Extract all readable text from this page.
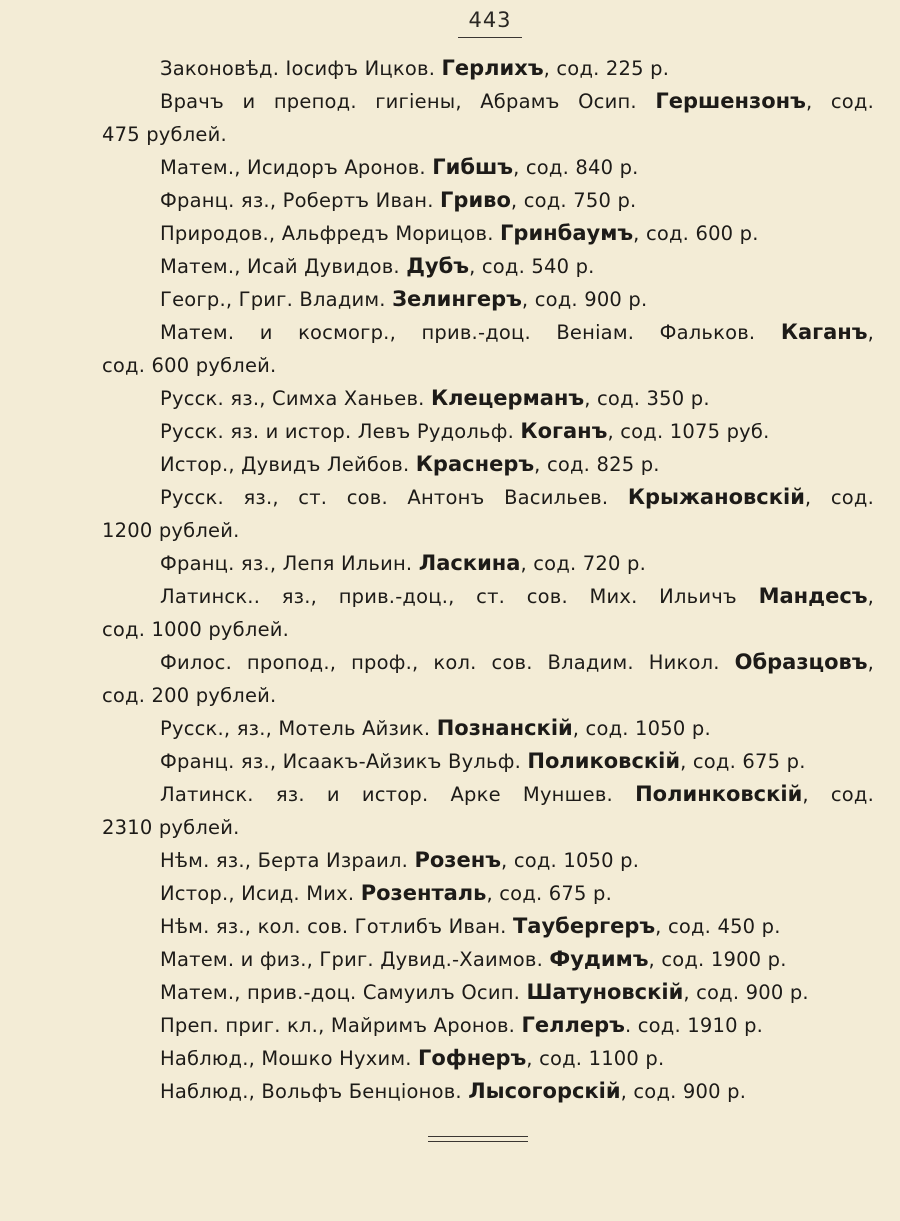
443

Законовѣд. Іосифъ Ицков. Герлихъ, сод. 225 р.

Врачъ и препод. гигіены, Абрамъ Осип. Гершензонъ, сод.
475 рублей.

Матем., Исидоръ Аронов. Гибшъ, сод. 840 р.

Франц. яз., Робертъ Иван. Гриво, сод. 750 р.

Природов., Альфредъ Морицов. Гринбаумъ, сод. 600 р.

Матем., Исай Дувидов. Дубъ, сод. 540 р.

Геогр., Григ. Владим. Зелингеръ, сод. 900 р.

Матем. и космогр., прив.-доц. Веніам. Фальков. Каганъ,
сод. 600 рублей.

Русск. яз., Симха Ханьев. Клецерманъ, сод. 350 р.

Русск. яз. и истор. Левъ Рудольф. Коганъ, сод. 1075 руб.

Истор., Дувидъ Лейбов. Краснеръ, сод. 825 р.

Русск. яз., ст. сов. Антонъ Васильев. Крыжановскій, сод.
1200 рублей.

Франц. яз., Лепя Ильин. Ласкина, сод. 720 р.

Латинск.. яз., прив.-доц., ст. сов. Мих. Ильичъ Мандесъ,
сод. 1000 рублей.

Филос. пропод., проф., кол. сов. Владим. Никол. Образцовъ,
сод. 200 рублей.

Русск., яз., Мотель Айзик. Познанскій, сод. 1050 р.

Франц. яз., Исаакъ-Айзикъ Вульф. Поликовскій, сод. 675 р.

Латинск. яз. и истор. Арке Муншев. Полинковскій, сод.
2310 рублей.

Нѣм. яз., Берта Израил. Розенъ, сод. 1050 р.

Истор., Исид. Мих. Розенталь, сод. 675 р.

Нѣм. яз., кол. сов. Готлибъ Иван. Таубергеръ, сод. 450 р.

Матем. и физ., Григ. Дувид.-Хаимов. Фудимъ, сод. 1900 р.

Матем., прив.-доц. Самуилъ Осип. Шатуновскій, сод. 900 р.

Преп. приг. кл., Майримъ Аронов. Геллеръ. сод. 1910 р.

Наблюд., Мошко Нухим. Гофнеръ, сод. 1100 р.

Наблюд., Вольфъ Бенціонов. Лысогорскій, сод. 900 р.
